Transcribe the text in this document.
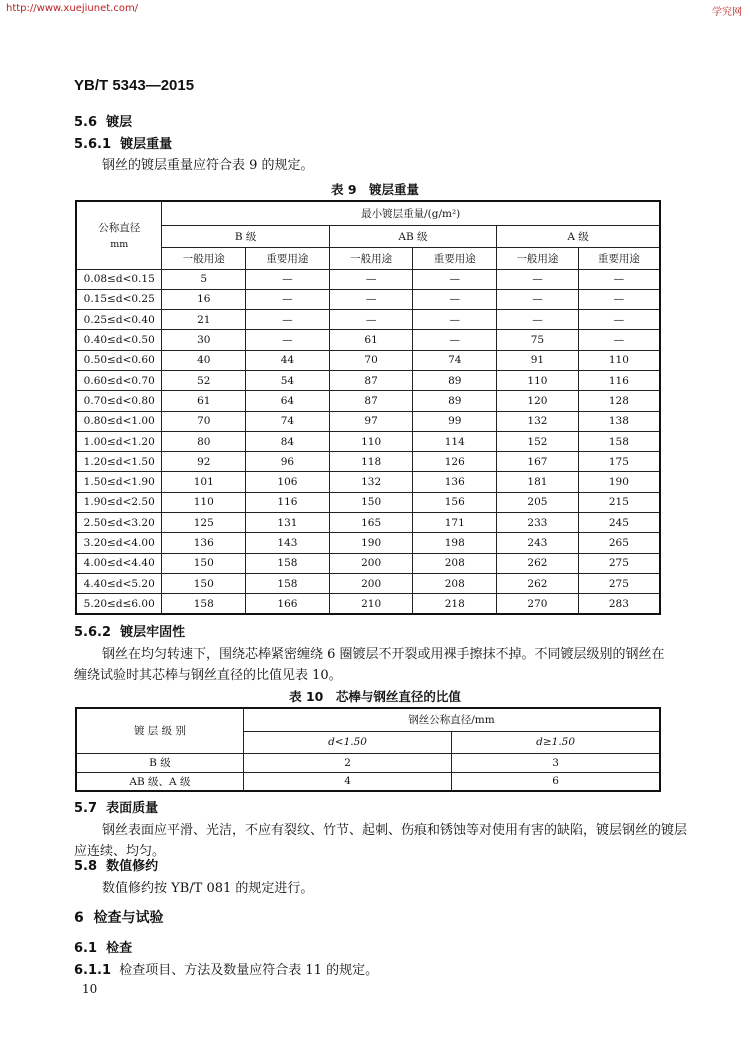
http://www.xuejiunet.com/	学究网
YB/T 5343—2015
5.6 镀层
5.6.1 镀层重量
钢丝的镀层重量应符合表 9 的规定。
表 9　镀层重量
公称直径
mm	最小镀层重量/(g/m²)					
	B 级		AB 级		A 级	
	一般用途	重要用途	一般用途	重要用途	一般用途	重要用途
0.08≤d<0.15	5	—	—	—	—	—
0.15≤d<0.25	16	—	—	—	—	—
0.25≤d<0.40	21	—	—	—	—	—
0.40≤d<0.50	30	—	61	—	75	—
0.50≤d<0.60	40	44	70	74	91	110
0.60≤d<0.70	52	54	87	89	110	116
0.70≤d<0.80	61	64	87	89	120	128
0.80≤d<1.00	70	74	97	99	132	138
1.00≤d<1.20	80	84	110	114	152	158
1.20≤d<1.50	92	96	118	126	167	175
1.50≤d<1.90	101	106	132	136	181	190
1.90≤d<2.50	110	116	150	156	205	215
2.50≤d<3.20	125	131	165	171	233	245
3.20≤d<4.00	136	143	190	198	243	265
4.00≤d<4.40	150	158	200	208	262	275
4.40≤d<5.20	150	158	200	208	262	275
5.20≤d≤6.00	158	166	210	218	270	283
5.6.2 镀层牢固性
钢丝在均匀转速下，围绕芯棒紧密缠绕 6 圈镀层不开裂或用裸手擦抹不掉。不同镀层级别的钢丝在
缠绕试验时其芯棒与钢丝直径的比值见表 10。
表 10　芯棒与钢丝直径的比值
镀 层 级 别	钢丝公称直径/mm	
	d<1.50	d≥1.50
B 级	2	3
AB 级、A 级	4	6
5.7 表面质量
钢丝表面应平滑、光洁，不应有裂纹、竹节、起刺、伤痕和锈蚀等对使用有害的缺陷，镀层钢丝的镀层
应连续、均匀。
5.8 数值修约
数值修约按 YB/T 081 的规定进行。
6 检查与试验
6.1 检查
6.1.1 检查项目、方法及数量应符合表 11 的规定。
10
